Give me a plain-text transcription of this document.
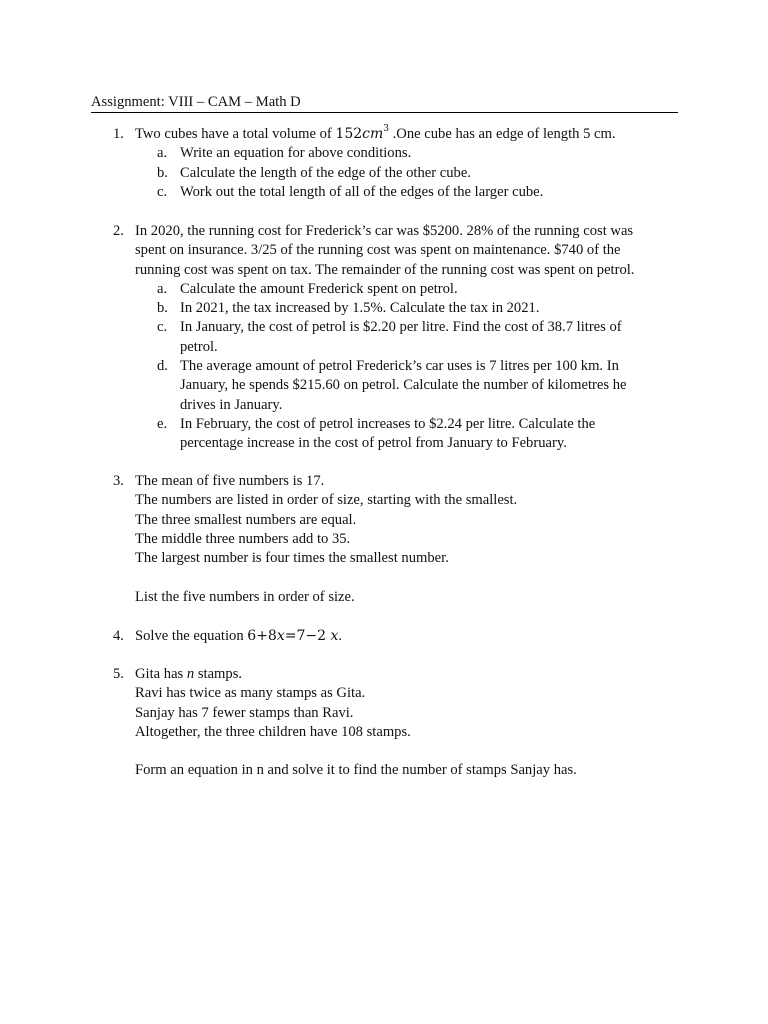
Assignment: VIII – CAM – Math D
1. Two cubes have a total volume of $152cm^3$ .One cube has an edge of length 5 cm.
a. Write an equation for above conditions.
b. Calculate the length of the edge of the other cube.
c. Work out the total length of all of the edges of the larger cube.
2. In 2020, the running cost for Frederick’s car was $5200. 28% of the running cost was
spent on insurance. 3/25 of the running cost was spent on maintenance. $740 of the
running cost was spent on tax. The remainder of the running cost was spent on petrol.
a. Calculate the amount Frederick spent on petrol.
b. In 2021, the tax increased by 1.5%. Calculate the tax in 2021.
c. In January, the cost of petrol is $2.20 per litre. Find the cost of 38.7 litres of
petrol.
d. The average amount of petrol Frederick’s car uses is 7 litres per 100 km. In
January, he spends $215.60 on petrol. Calculate the number of kilometres he
drives in January.
e. In February, the cost of petrol increases to $2.24 per litre. Calculate the
percentage increase in the cost of petrol from January to February.
3. The mean of five numbers is 17.
The numbers are listed in order of size, starting with the smallest.
The three smallest numbers are equal.
The middle three numbers add to 35.
The largest number is four times the smallest number.
List the five numbers in order of size.
4. Solve the equation 6+8x=7−2 x.
5. Gita has n stamps.
Ravi has twice as many stamps as Gita.
Sanjay has 7 fewer stamps than Ravi.
Altogether, the three children have 108 stamps.
Form an equation in n and solve it to find the number of stamps Sanjay has.
